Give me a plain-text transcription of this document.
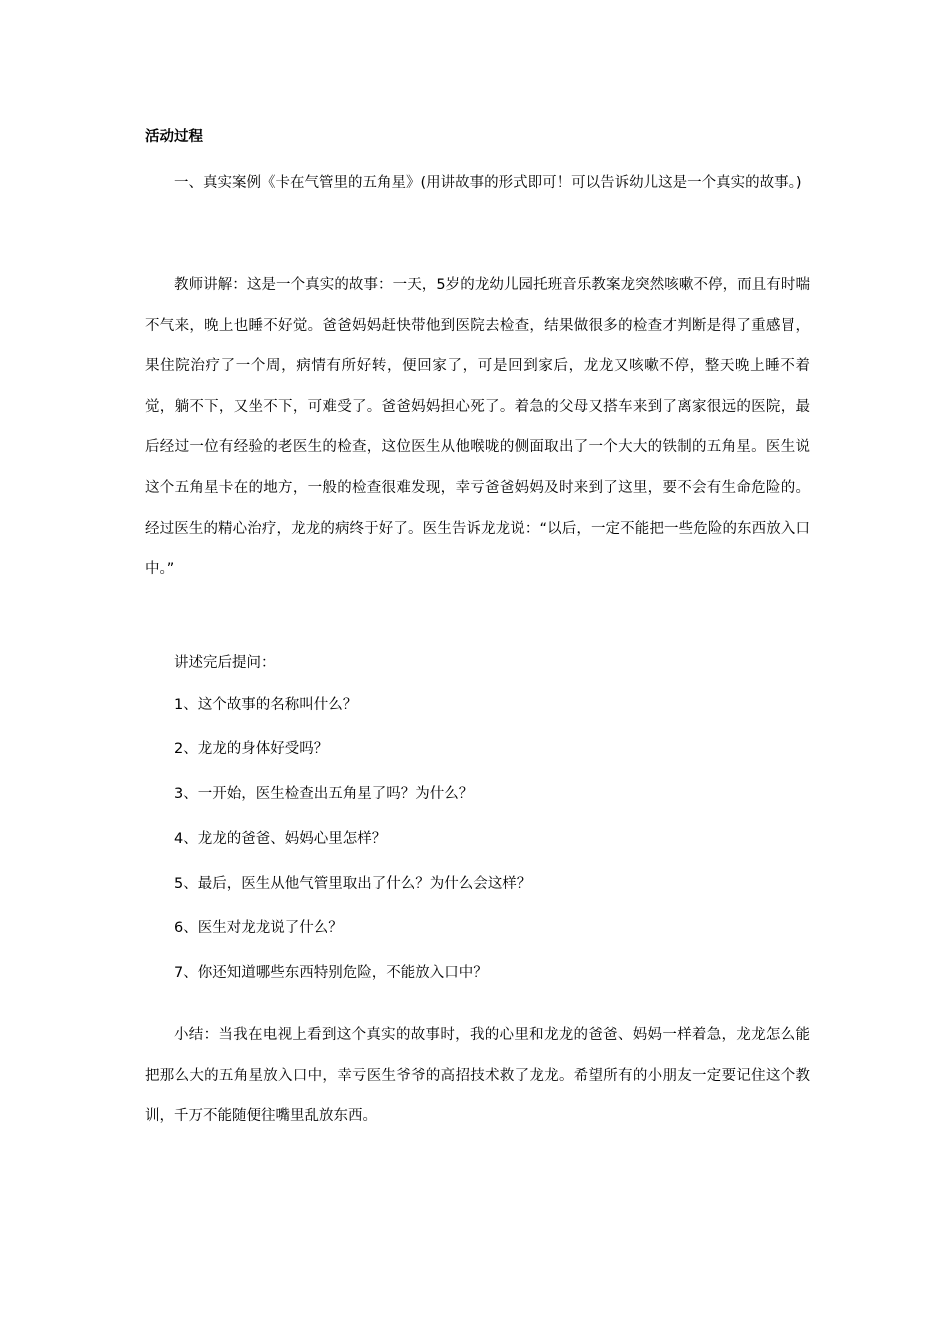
活动过程
一、真实案例《卡在气管里的五角星》(用讲故事的形式即可！可以告诉幼儿这是一个真实的故事。)
教师讲解：这是一个真实的故事：一天，5岁的龙幼儿园托班音乐教案龙突然咳嗽不停，而且有时喘不气来，晚上也睡不好觉。爸爸妈妈赶快带他到医院去检查，结果做很多的检查才判断是得了重感冒，果住院治疗了一个周，病情有所好转，便回家了，可是回到家后，龙龙又咳嗽不停，整天晚上睡不着觉，躺不下，又坐不下，可难受了。爸爸妈妈担心死了。着急的父母又搭车来到了离家很远的医院，最后经过一位有经验的老医生的检查，这位医生从他喉咙的侧面取出了一个大大的铁制的五角星。医生说这个五角星卡在的地方，一般的检查很难发现，幸亏爸爸妈妈及时来到了这里，要不会有生命危险的。经过医生的精心治疗，龙龙的病终于好了。医生告诉龙龙说：“以后，一定不能把一些危险的东西放入口中。”
讲述完后提问：
1、这个故事的名称叫什么？
2、龙龙的身体好受吗？
3、一开始，医生检查出五角星了吗？为什么？
4、龙龙的爸爸、妈妈心里怎样？
5、最后，医生从他气管里取出了什么？为什么会这样？
6、医生对龙龙说了什么？
7、你还知道哪些东西特别危险，不能放入口中？
小结：当我在电视上看到这个真实的故事时，我的心里和龙龙的爸爸、妈妈一样着急，龙龙怎么能把那么大的五角星放入口中，幸亏医生爷爷的高招技术救了龙龙。希望所有的小朋友一定要记住这个教训，千万不能随便往嘴里乱放东西。
